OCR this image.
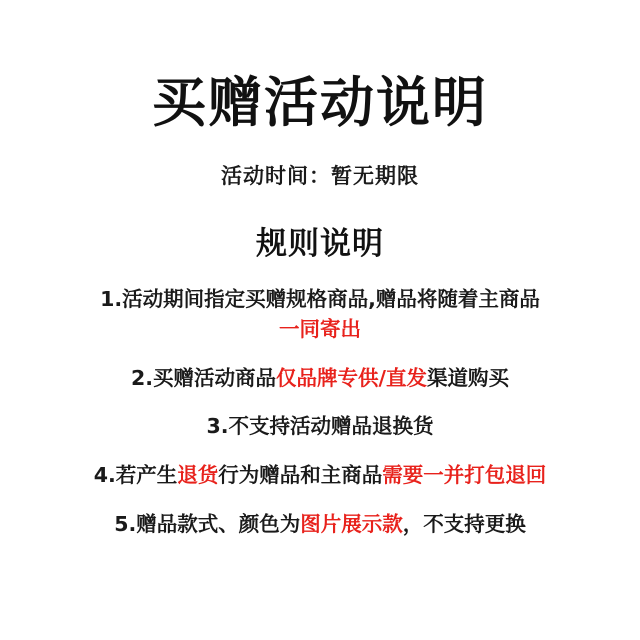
买赠活动说明
活动时间：暂无期限
规则说明
1.活动期间指定买赠规格商品,赠品将随着主商品
一同寄出
2.买赠活动商品仅品牌专供/直发渠道购买
3.不支持活动赠品退换货
4.若产生退货行为赠品和主商品需要一并打包退回
5.赠品款式、颜色为图片展示款，不支持更换
